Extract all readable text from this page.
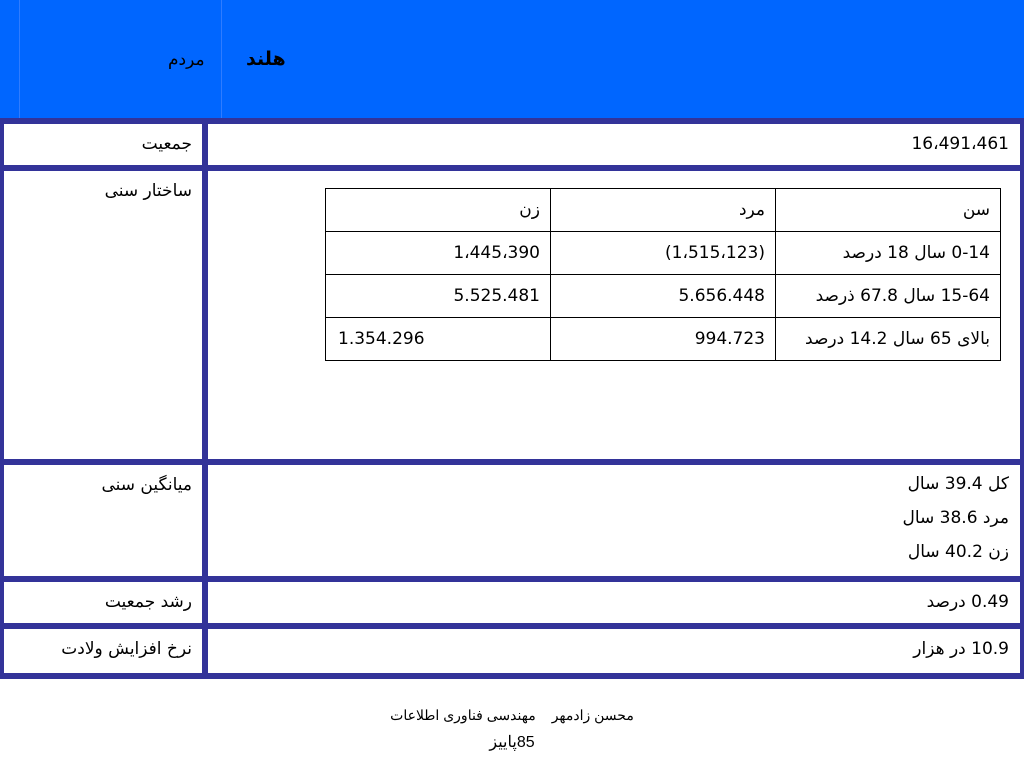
مردم هلند
جمعیت	16،491،461
ساختار سنی
سن	مرد	زن
0-14 سال 18 درصد	(1،515،123)	1،445،390
15-64 سال 67.8 ذرصد	5.656.448	5.525.481
بالای 65 سال 14.2 درصد	994.723	1.354.296
میانگین سنی	کل 39.4 سال
مرد 38.6 سال
زن 40.2 سال
رشد جمعیت	0.49 درصد
نرخ افزایش ولادت	10.9 در هزار
محسن زادمهرمهندسی فناوری اطلاعات
85پاییز
